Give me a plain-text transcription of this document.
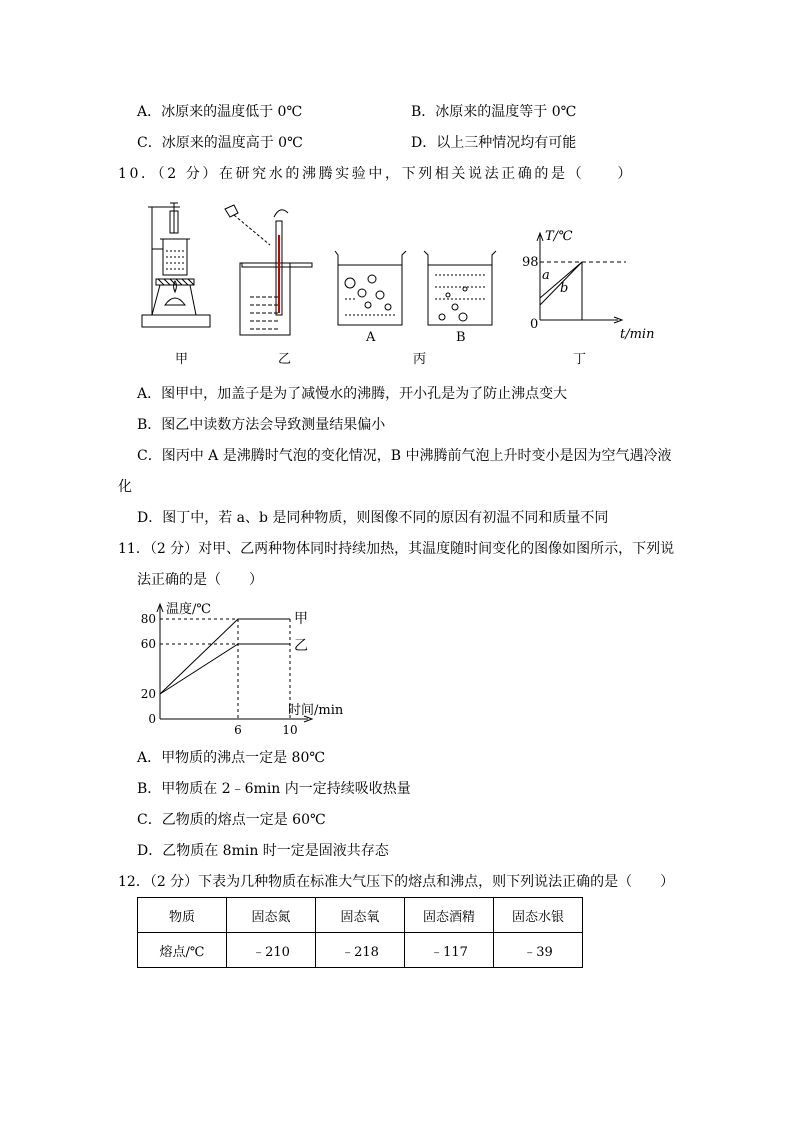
A．冰原来的温度低于 0℃	B．冰原来的温度等于 0℃
C．冰原来的温度高于 0℃	D．以上三种情况均有可能
10．（2 分）在研究水的沸腾实验中，下列相关说法正确的是（　　）
T/℃
98
0
t/min
a
b
A	B
甲	乙	丙	丁
A．图甲中，加盖子是为了减慢水的沸腾，开小孔是为了防止沸点变大
B．图乙中读数方法会导致测量结果偏小
C．图丙中 A 是沸腾时气泡的变化情况，B 中沸腾前气泡上升时变小是因为空气遇冷液
化
D．图丁中，若 a、b 是同种物质，则图像不同的原因有初温不同和质量不同
11．（2 分）对甲、乙两种物体同时持续加热，其温度随时间变化的图像如图所示，下列说
法正确的是（　　）
温度/℃
时间/min
0
20
60
80
6	10
甲
乙
A．甲物质的沸点一定是 80℃
B．甲物质在 2﹣6min 内一定持续吸收热量
C．乙物质的熔点一定是 60℃
D．乙物质在 8min 时一定是固液共存态
12．（2 分）下表为几种物质在标准大气压下的熔点和沸点，则下列说法正确的是（　　）
物质	固态氮	固态氧	固态酒精	固态水银
熔点/℃	﹣210	﹣218	﹣117	﹣39
